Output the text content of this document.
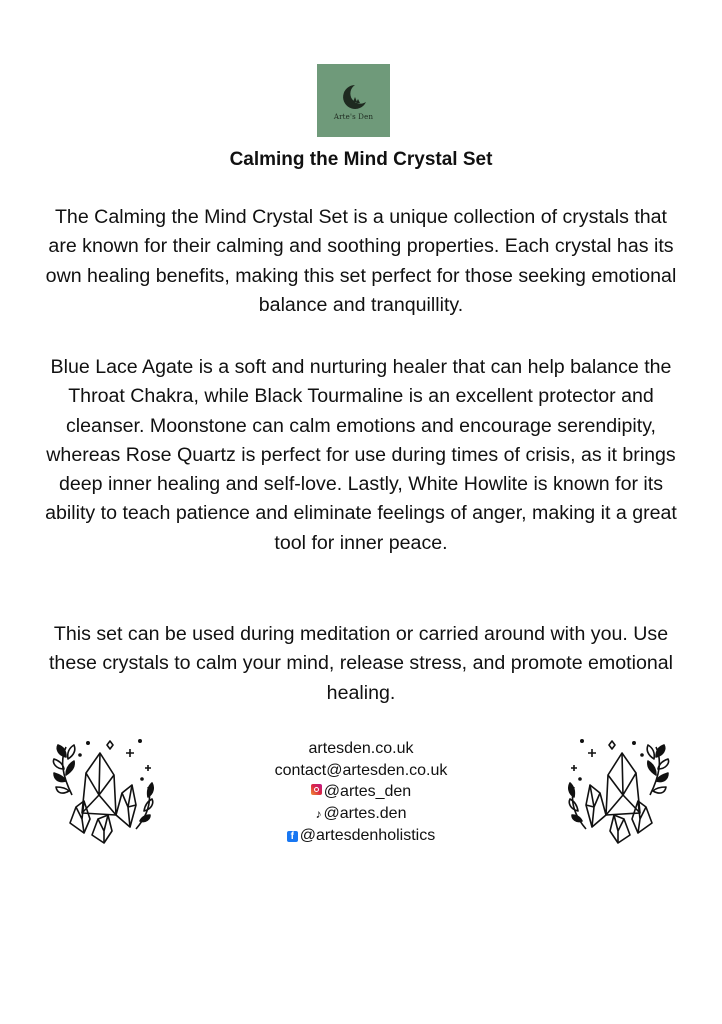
Arte's Den
Calming the Mind Crystal Set
The Calming the Mind Crystal Set is a unique collection of crystals that are known for their calming and soothing properties. Each crystal has its own healing benefits, making this set perfect for those seeking emotional balance and tranquillity.
Blue Lace Agate is a soft and nurturing healer that can help balance the Throat Chakra, while Black Tourmaline is an excellent protector and cleanser. Moonstone can calm emotions and encourage serendipity, whereas Rose Quartz is perfect for use during times of crisis, as it brings deep inner healing and self-love. Lastly, White Howlite is known for its ability to teach patience and eliminate feelings of anger, making it a great tool for inner peace.
This set can be used during meditation or carried around with you. Use these crystals to calm your mind, release stress, and promote emotional healing.
artesden.co.uk
contact@artesden.co.uk
@artes_den
♪ @artes.den
f @artesdenholistics
